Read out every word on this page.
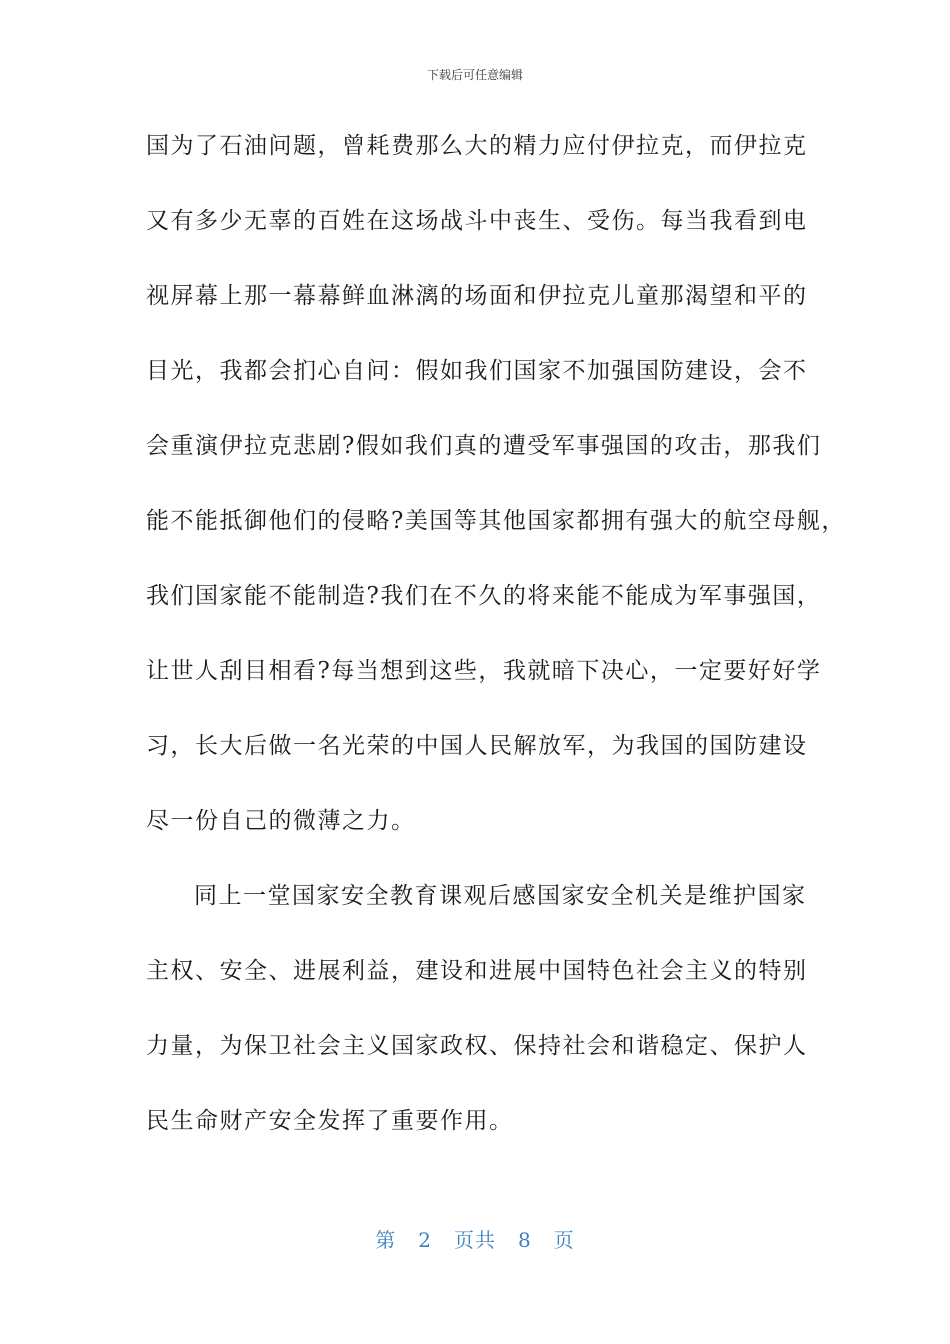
下载后可任意编辑
国为了石油问题，曾耗费那么大的精力应付伊拉克，而伊拉克
又有多少无辜的百姓在这场战斗中丧生、受伤。每当我看到电
视屏幕上那一幕幕鲜血淋漓的场面和伊拉克儿童那渴望和平的
目光，我都会扪心自问：假如我们国家不加强国防建设，会不
会重演伊拉克悲剧?假如我们真的遭受军事强国的攻击，那我们
能不能抵御他们的侵略?美国等其他国家都拥有强大的航空母舰，
我们国家能不能制造?我们在不久的将来能不能成为军事强国，
让世人刮目相看?每当想到这些，我就暗下决心，一定要好好学
习，长大后做一名光荣的中国人民解放军，为我国的国防建设
尽一份自己的微薄之力。
同上一堂国家安全教育课观后感国家安全机关是维护国家
主权、安全、进展利益，建设和进展中国特色社会主义的特别
力量，为保卫社会主义国家政权、保持社会和谐稳定、保护人
民生命财产安全发挥了重要作用。
第 2 页共 8 页
